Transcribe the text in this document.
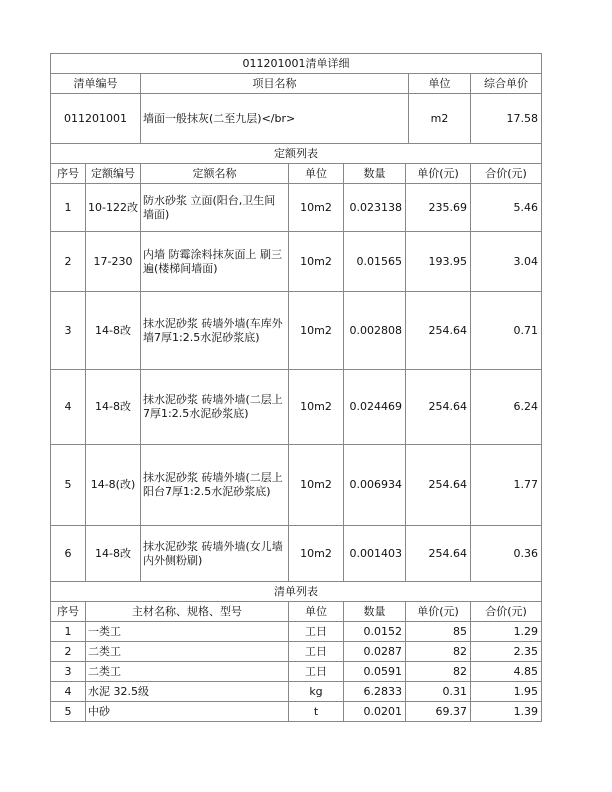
011201001清单详细			
清单编号	项目名称	单位	综合单价
011201001	墙面一般抹灰(二至九层)</br>	m2	17.58
定额列表						
序号	定额编号	定额名称	单位	数量	单价(元)	合价(元)
1	10-122改	防水砂浆 立面(阳台,卫生间墙面)	10m2	0.023138	235.69	5.46
2	17-230	内墙 防霉涂料抹灰面上 刷三遍(楼梯间墙面)	10m2	0.01565	193.95	3.04
3	14-8改	抹水泥砂浆 砖墙外墙(车库外墙7厚1:2.5水泥砂浆底)	10m2	0.002808	254.64	0.71
4	14-8改	抹水泥砂浆 砖墙外墙(二层上7厚1:2.5水泥砂浆底)	10m2	0.024469	254.64	6.24
5	14-8(改)	抹水泥砂浆 砖墙外墙(二层上阳台7厚1:2.5水泥砂浆底)	10m2	0.006934	254.64	1.77
6	14-8改	抹水泥砂浆 砖墙外墙(女儿墙内外侧粉刷)	10m2	0.001403	254.64	0.36
清单列表					
序号	主材名称、规格、型号	单位	数量	单价(元)	合价(元)
1	一类工	工日	0.0152	85	1.29
2	二类工	工日	0.0287	82	2.35
3	二类工	工日	0.0591	82	4.85
4	水泥 32.5级	kg	6.2833	0.31	1.95
5	中砂	t	0.0201	69.37	1.39
